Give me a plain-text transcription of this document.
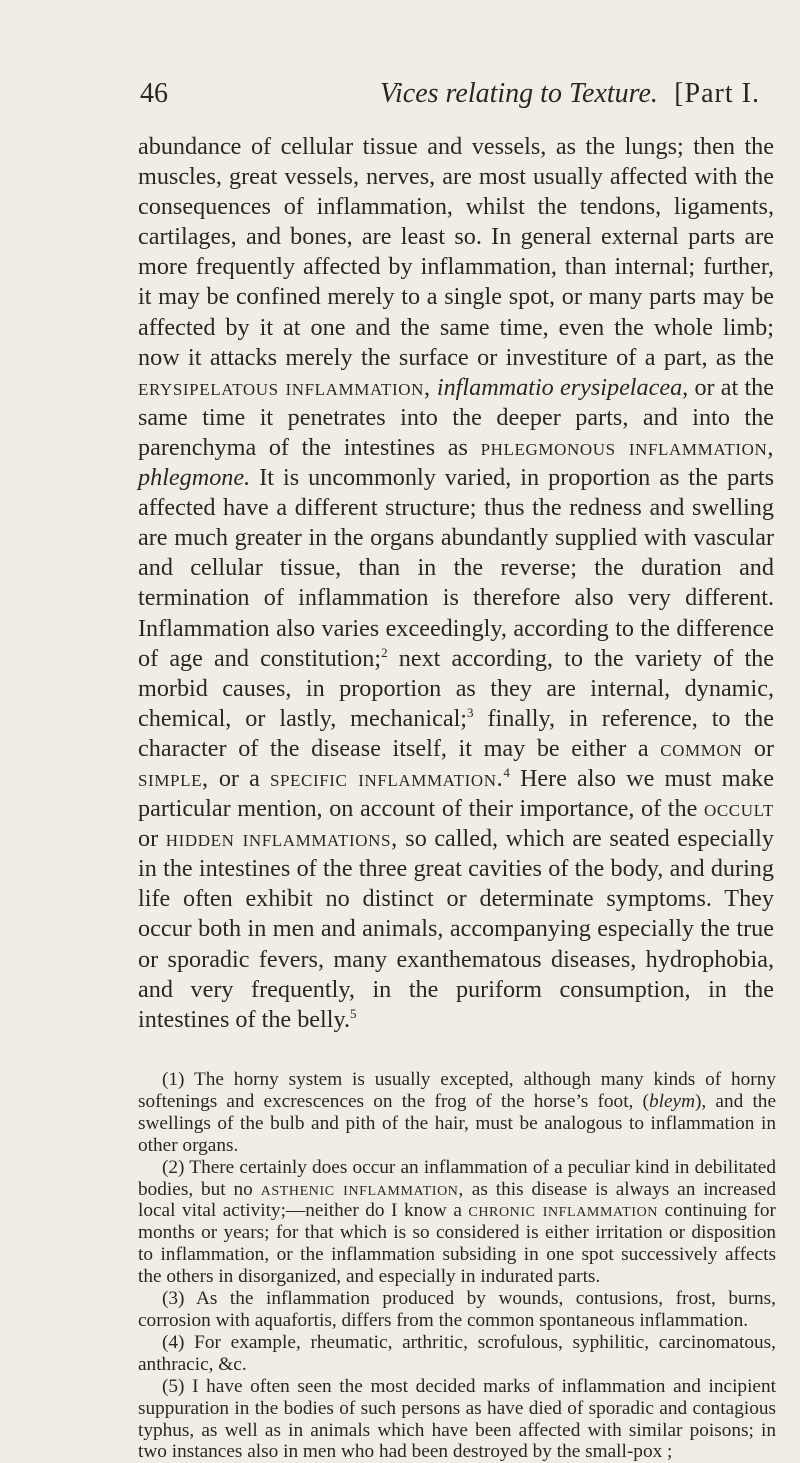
46	Vices relating to Texture. [Part I.

abundance of cellular tissue and vessels, as the lungs; then the muscles, great vessels, nerves, are most usually affected with the consequences of inflammation, whilst the tendons, ligaments, cartilages, and bones, are least so. In general external parts are more frequently affected by inflammation, than internal; further, it may be confined merely to a single spot, or many parts may be affected by it at one and the same time, even the whole limb; now it attacks merely the surface or investiture of a part, as the erysipelatous inflammation, inflammatio erysipelacea, or at the same time it penetrates into the deeper parts, and into the parenchyma of the intestines as phlegmonous inflammation, phlegmone. It is uncommonly varied, in proportion as the parts affected have a different structure; thus the redness and swelling are much greater in the organs abundantly supplied with vascular and cellular tissue, than in the reverse; the duration and termination of inflammation is therefore also very different. Inflammation also varies exceedingly, according to the difference of age and constitution;$^2$ next according, to the variety of the morbid causes, in proportion as they are internal, dynamic, chemical, or lastly, mechanical;$^3$ finally, in reference, to the character of the disease itself, it may be either a common or simple, or a specific inflammation.$^4$ Here also we must make particular mention, on account of their importance, of the occult or hidden inflammations, so called, which are seated especially in the intestines of the three great cavities of the body, and during life often exhibit no distinct or determinate symptoms. They occur both in men and animals, accompanying especially the true or sporadic fevers, many exanthematous diseases, hydrophobia, and very frequently, in the puriform consumption, in the intestines of the belly.$^5$

(1) The horny system is usually excepted, although many kinds of horny softenings and excrescences on the frog of the horse’s foot, (bleym), and the swellings of the bulb and pith of the hair, must be analogous to inflammation in other organs.

(2) There certainly does occur an inflammation of a peculiar kind in debilitated bodies, but no asthenic inflammation, as this disease is always an increased local vital activity;—neither do I know a chronic inflammation continuing for months or years; for that which is so considered is either irritation or disposition to inflammation, or the inflammation subsiding in one spot successively affects the others in disorganized, and especially in indurated parts.

(3) As the inflammation produced by wounds, contusions, frost, burns, corrosion with aquafortis, differs from the common spontaneous inflammation.

(4) For example, rheumatic, arthritic, scrofulous, syphilitic, carcinomatous, anthracic, &c.

(5) I have often seen the most decided marks of inflammation and incipient suppuration in the bodies of such persons as have died of sporadic and contagious typhus, as well as in animals which have been affected with similar poisons; in two instances also in men who had been destroyed by the small-pox ;
